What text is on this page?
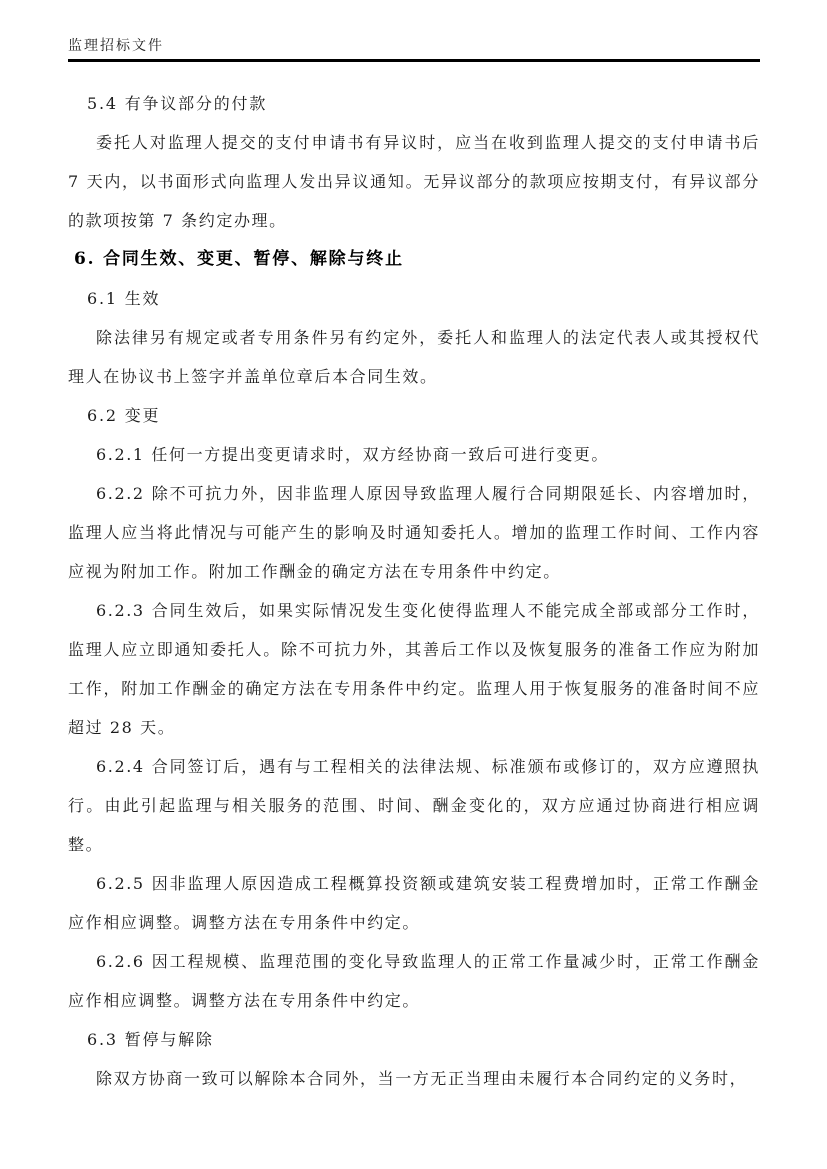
监理招标文件
5.4 有争议部分的付款

委托人对监理人提交的支付申请书有异议时，应当在收到监理人提交的支付申请书后 7 天内，以书面形式向监理人发出异议通知。无异议部分的款项应按期支付，有异议部分的款项按第 7 条约定办理。

6. 合同生效、变更、暂停、解除与终止
6.1 生效

除法律另有规定或者专用条件另有约定外，委托人和监理人的法定代表人或其授权代理人在协议书上签字并盖单位章后本合同生效。

6.2 变更

6.2.1 任何一方提出变更请求时，双方经协商一致后可进行变更。

6.2.2 除不可抗力外，因非监理人原因导致监理人履行合同期限延长、内容增加时，监理人应当将此情况与可能产生的影响及时通知委托人。增加的监理工作时间、工作内容应视为附加工作。附加工作酬金的确定方法在专用条件中约定。

6.2.3 合同生效后，如果实际情况发生变化使得监理人不能完成全部或部分工作时，监理人应立即通知委托人。除不可抗力外，其善后工作以及恢复服务的准备工作应为附加工作，附加工作酬金的确定方法在专用条件中约定。监理人用于恢复服务的准备时间不应超过 28 天。

6.2.4 合同签订后，遇有与工程相关的法律法规、标准颁布或修订的，双方应遵照执行。由此引起监理与相关服务的范围、时间、酬金变化的，双方应通过协商进行相应调整。

6.2.5 因非监理人原因造成工程概算投资额或建筑安装工程费增加时，正常工作酬金应作相应调整。调整方法在专用条件中约定。

6.2.6 因工程规模、监理范围的变化导致监理人的正常工作量减少时，正常工作酬金应作相应调整。调整方法在专用条件中约定。

6.3 暂停与解除

除双方协商一致可以解除本合同外，当一方无正当理由未履行本合同约定的义务时，
